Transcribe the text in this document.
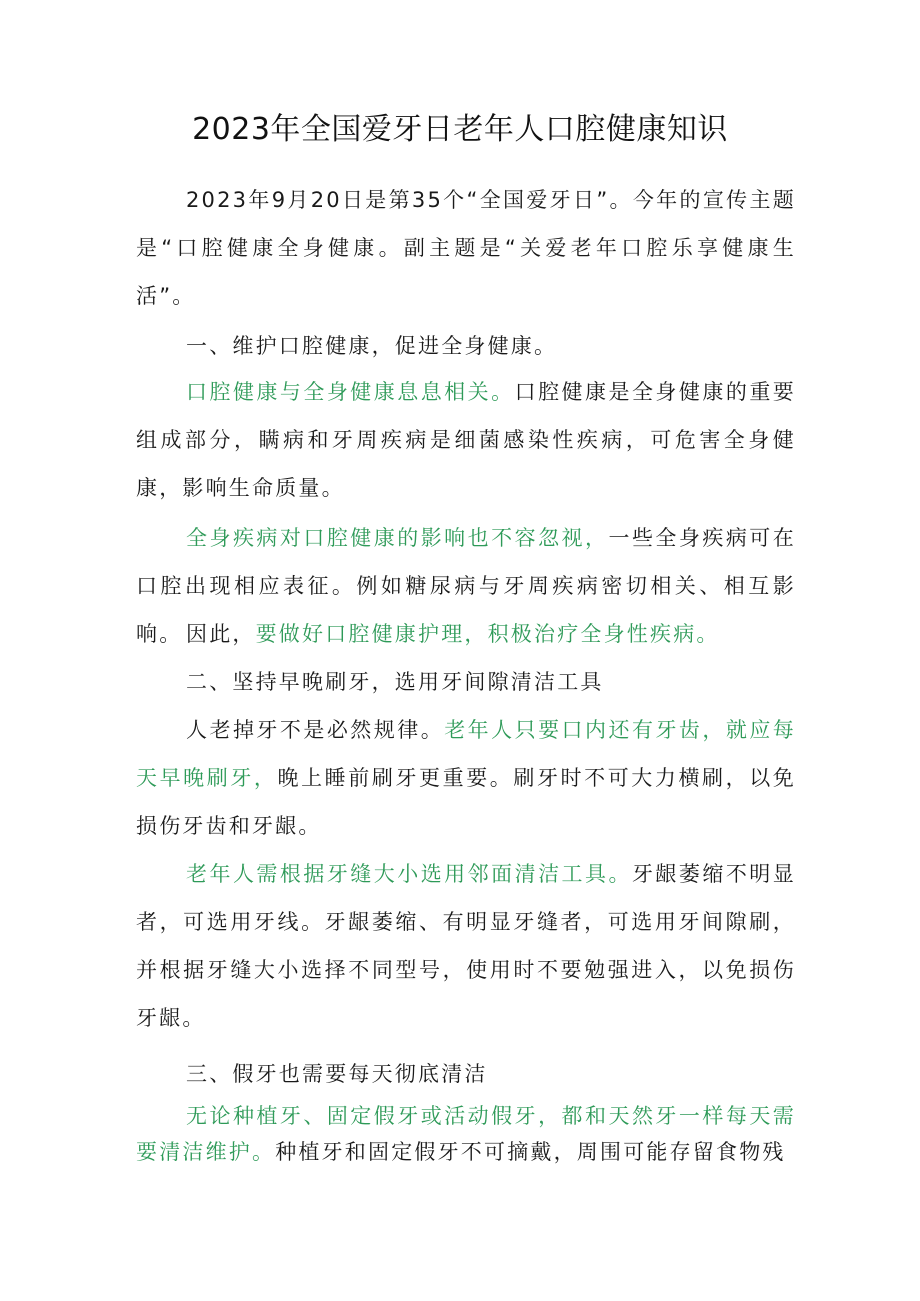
2023年全国爱牙日老年人口腔健康知识

2023年9月20日是第35个“全国爱牙日”。今年的宣传主题是“口腔健康全身健康。副主题是“关爱老年口腔乐享健康生活”。

一、维护口腔健康，促进全身健康。

口腔健康与全身健康息息相关。口腔健康是全身健康的重要组成部分，瞒病和牙周疾病是细菌感染性疾病，可危害全身健康，影响生命质量。

全身疾病对口腔健康的影响也不容忽视，一些全身疾病可在口腔出现相应表征。例如糖尿病与牙周疾病密切相关、相互影响。 因此，要做好口腔健康护理，积极治疗全身性疾病。

二、坚持早晚刷牙，选用牙间隙清洁工具

人老掉牙不是必然规律。老年人只要口内还有牙齿，就应每天早晚刷牙，晚上睡前刷牙更重要。刷牙时不可大力横刷，以免损伤牙齿和牙龈。

老年人需根据牙缝大小选用邻面清洁工具。牙龈萎缩不明显者，可选用牙线。牙龈萎缩、有明显牙缝者，可选用牙间隙刷，并根据牙缝大小选择不同型号，使用时不要勉强进入，以免损伤牙龈。

三、假牙也需要每天彻底清洁

无论种植牙、固定假牙或活动假牙，都和天然牙一样每天需要清洁维护。种植牙和固定假牙不可摘戴，周围可能存留食物残
